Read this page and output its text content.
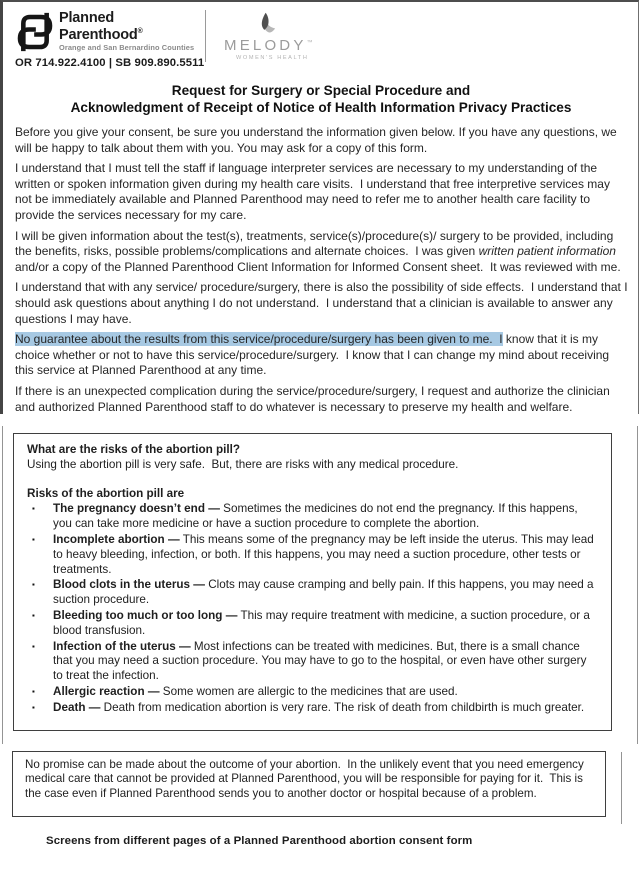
Planned
Parenthood®
Orange and San Bernardino Counties
OR 714.922.4100 | SB 909.890.5511
MELODY™
WOMEN'S HEALTH
Request for Surgery or Special Procedure and
Acknowledgment of Receipt of Notice of Health Information Privacy Practices

Before you give your consent, be sure you understand the information given below. If you have any questions, we will be happy to talk about them with you. You may ask for a copy of this form.

I understand that I must tell the staff if language interpreter services are necessary to my understanding of the written or spoken information given during my health care visits.  I understand that free interpretive services may not be immediately available and Planned Parenthood may need to refer me to another health care facility to provide the services necessary for my care.

I will be given information about the test(s), treatments, service(s)/procedure(s)/ surgery to be provided, including the benefits, risks, possible problems/complications and alternate choices.  I was given written patient information and/or a copy of the Planned Parenthood Client Information for Informed Consent sheet.  It was reviewed with me.

I understand that with any service/ procedure/surgery, there is also the possibility of side effects.  I understand that I should ask questions about anything I do not understand.  I understand that a clinician is available to answer any questions I may have.

No guarantee about the results from this service/procedure/surgery has been given to me.  I know that it is my choice whether or not to have this service/procedure/surgery.  I know that I can change my mind about receiving this service at Planned Parenthood at any time.

If there is an unexpected complication during the service/procedure/surgery, I request and authorize the clinician and authorized Planned Parenthood staff to do whatever is necessary to preserve my health and welfare.

What are the risks of the abortion pill?
Using the abortion pill is very safe.  But, there are risks with any medical procedure.
Risks of the abortion pill are
▪	The pregnancy doesn’t end — Sometimes the medicines do not end the pregnancy. If this happens, you can take more medicine or have a suction procedure to complete the abortion.
▪	Incomplete abortion — This means some of the pregnancy may be left inside the uterus. This may lead to heavy bleeding, infection, or both. If this happens, you may need a suction procedure, other tests or treatments.
▪	Blood clots in the uterus — Clots may cause cramping and belly pain. If this happens, you may need a suction procedure.
▪	Bleeding too much or too long — This may require treatment with medicine, a suction procedure, or a blood transfusion.
▪	Infection of the uterus — Most infections can be treated with medicines. But, there is a small chance that you may need a suction procedure. You may have to go to the hospital, or even have other surgery to treat the infection.
▪	Allergic reaction — Some women are allergic to the medicines that are used.
▪	Death — Death from medication abortion is very rare. The risk of death from childbirth is much greater.
No promise can be made about the outcome of your abortion.  In the unlikely event that you need emergency medical care that cannot be provided at Planned Parenthood, you will be responsible for paying for it.  This is the case even if Planned Parenthood sends you to another doctor or hospital because of a problem.
Screens from different pages of a Planned Parenthood abortion consent form
